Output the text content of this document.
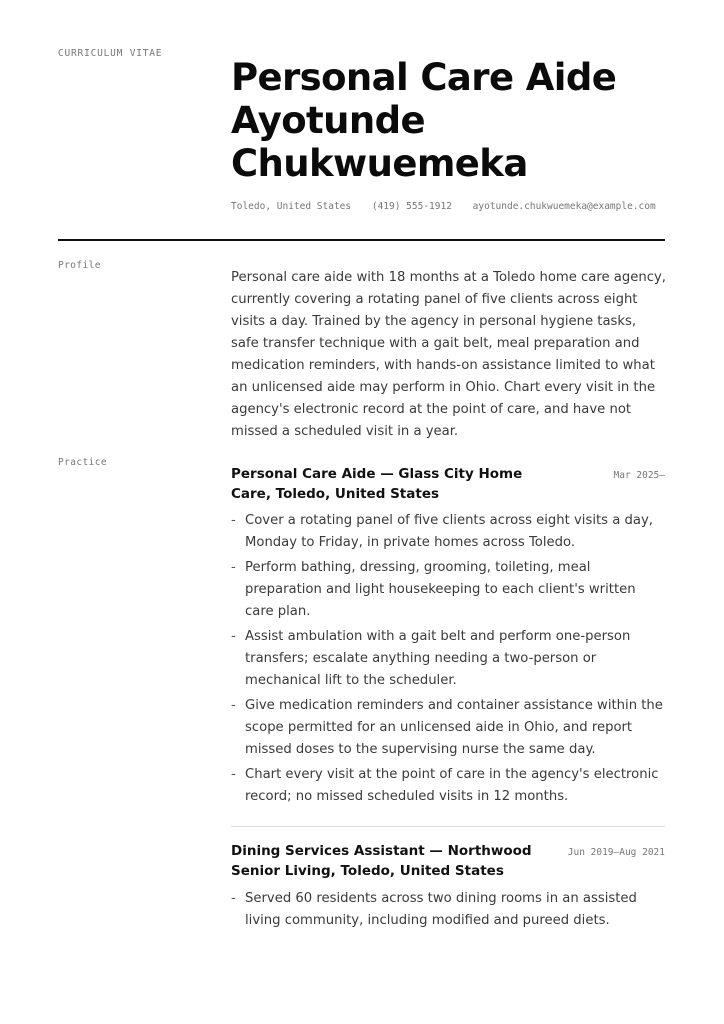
CURRICULUM VITAE
Personal Care Aide
Ayotunde
Chukwuemeka
Toledo, United States (419) 555-1912 ayotunde.chukwuemeka@example.com
Profile
Personal care aide with 18 months at a Toledo home care agency, currently covering a rotating panel of five clients across eight visits a day. Trained by the agency in personal hygiene tasks, safe transfer technique with a gait belt, meal preparation and medication reminders, with hands-on assistance limited to what an unlicensed aide may perform in Ohio. Chart every visit in the agency's electronic record at the point of care, and have not missed a scheduled visit in a year.
Practice
Personal Care Aide — Glass City Home Care, Toledo, United States
Mar 2025–
- Cover a rotating panel of five clients across eight visits a day, Monday to Friday, in private homes across Toledo.
- Perform bathing, dressing, grooming, toileting, meal preparation and light housekeeping to each client's written care plan.
- Assist ambulation with a gait belt and perform one-person transfers; escalate anything needing a two-person or mechanical lift to the scheduler.
- Give medication reminders and container assistance within the scope permitted for an unlicensed aide in Ohio, and report missed doses to the supervising nurse the same day.
- Chart every visit at the point of care in the agency's electronic record; no missed scheduled visits in 12 months.
Dining Services Assistant — Northwood Senior Living, Toledo, United States
Jun 2019–Aug 2021
- Served 60 residents across two dining rooms in an assisted living community, including modified and pureed diets.
